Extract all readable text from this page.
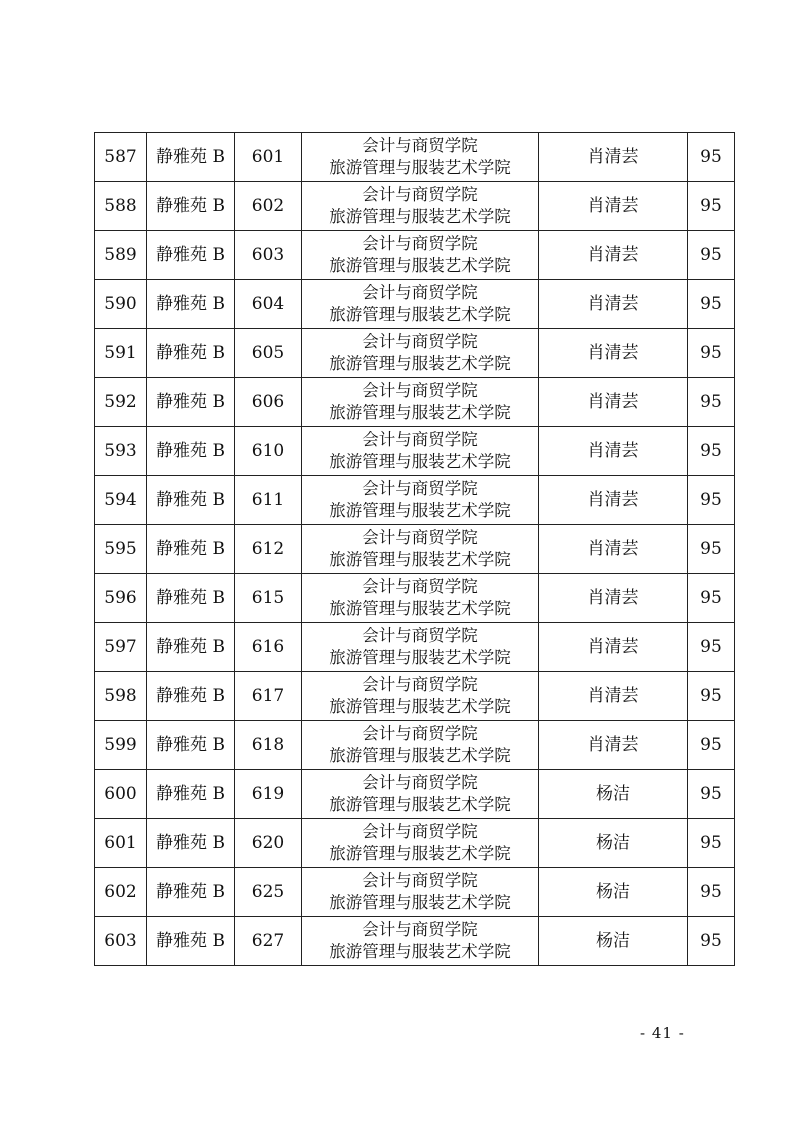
587	静雅苑 B	601	会计与商贸学院
旅游管理与服装艺术学院	肖清芸	95
588	静雅苑 B	602	会计与商贸学院
旅游管理与服装艺术学院	肖清芸	95
589	静雅苑 B	603	会计与商贸学院
旅游管理与服装艺术学院	肖清芸	95
590	静雅苑 B	604	会计与商贸学院
旅游管理与服装艺术学院	肖清芸	95
591	静雅苑 B	605	会计与商贸学院
旅游管理与服装艺术学院	肖清芸	95
592	静雅苑 B	606	会计与商贸学院
旅游管理与服装艺术学院	肖清芸	95
593	静雅苑 B	610	会计与商贸学院
旅游管理与服装艺术学院	肖清芸	95
594	静雅苑 B	611	会计与商贸学院
旅游管理与服装艺术学院	肖清芸	95
595	静雅苑 B	612	会计与商贸学院
旅游管理与服装艺术学院	肖清芸	95
596	静雅苑 B	615	会计与商贸学院
旅游管理与服装艺术学院	肖清芸	95
597	静雅苑 B	616	会计与商贸学院
旅游管理与服装艺术学院	肖清芸	95
598	静雅苑 B	617	会计与商贸学院
旅游管理与服装艺术学院	肖清芸	95
599	静雅苑 B	618	会计与商贸学院
旅游管理与服装艺术学院	肖清芸	95
600	静雅苑 B	619	会计与商贸学院
旅游管理与服装艺术学院	杨洁	95
601	静雅苑 B	620	会计与商贸学院
旅游管理与服装艺术学院	杨洁	95
602	静雅苑 B	625	会计与商贸学院
旅游管理与服装艺术学院	杨洁	95
603	静雅苑 B	627	会计与商贸学院
旅游管理与服装艺术学院	杨洁	95
- 41 -
